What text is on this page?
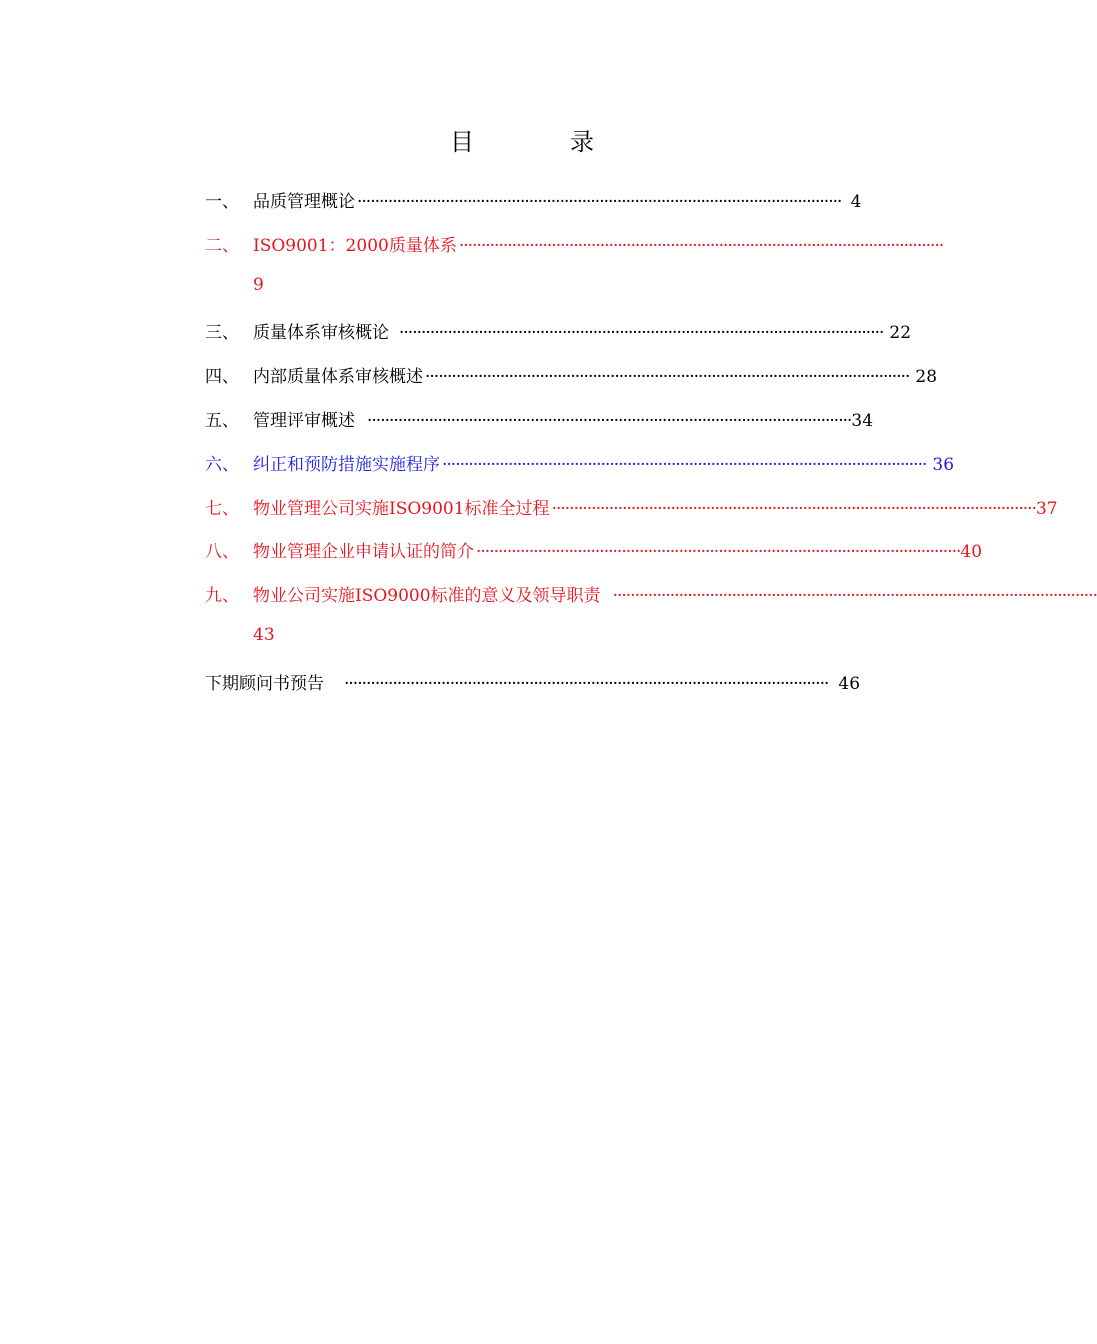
目　录
一、 品质管理概论 ·············································································································· 4
二、 ISO9001：2000质量体系 ··············································································································
9
三、 质量体系审核概论 ·············································································································· 22
四、 内部质量体系审核概述 ·············································································································· 28
五、 管理评审概述 ·············································································································· 34
六、 纠正和预防措施实施程序 ·············································································································· 36
七、 物业管理公司实施ISO9001标准全过程 ·············································································································· 37
八、 物业管理企业申请认证的简介 ·············································································································· 40
九、 物业公司实施ISO9000标准的意义及领导职责 ··············································································································
43
下期顾问书预告 ·············································································································· 46
